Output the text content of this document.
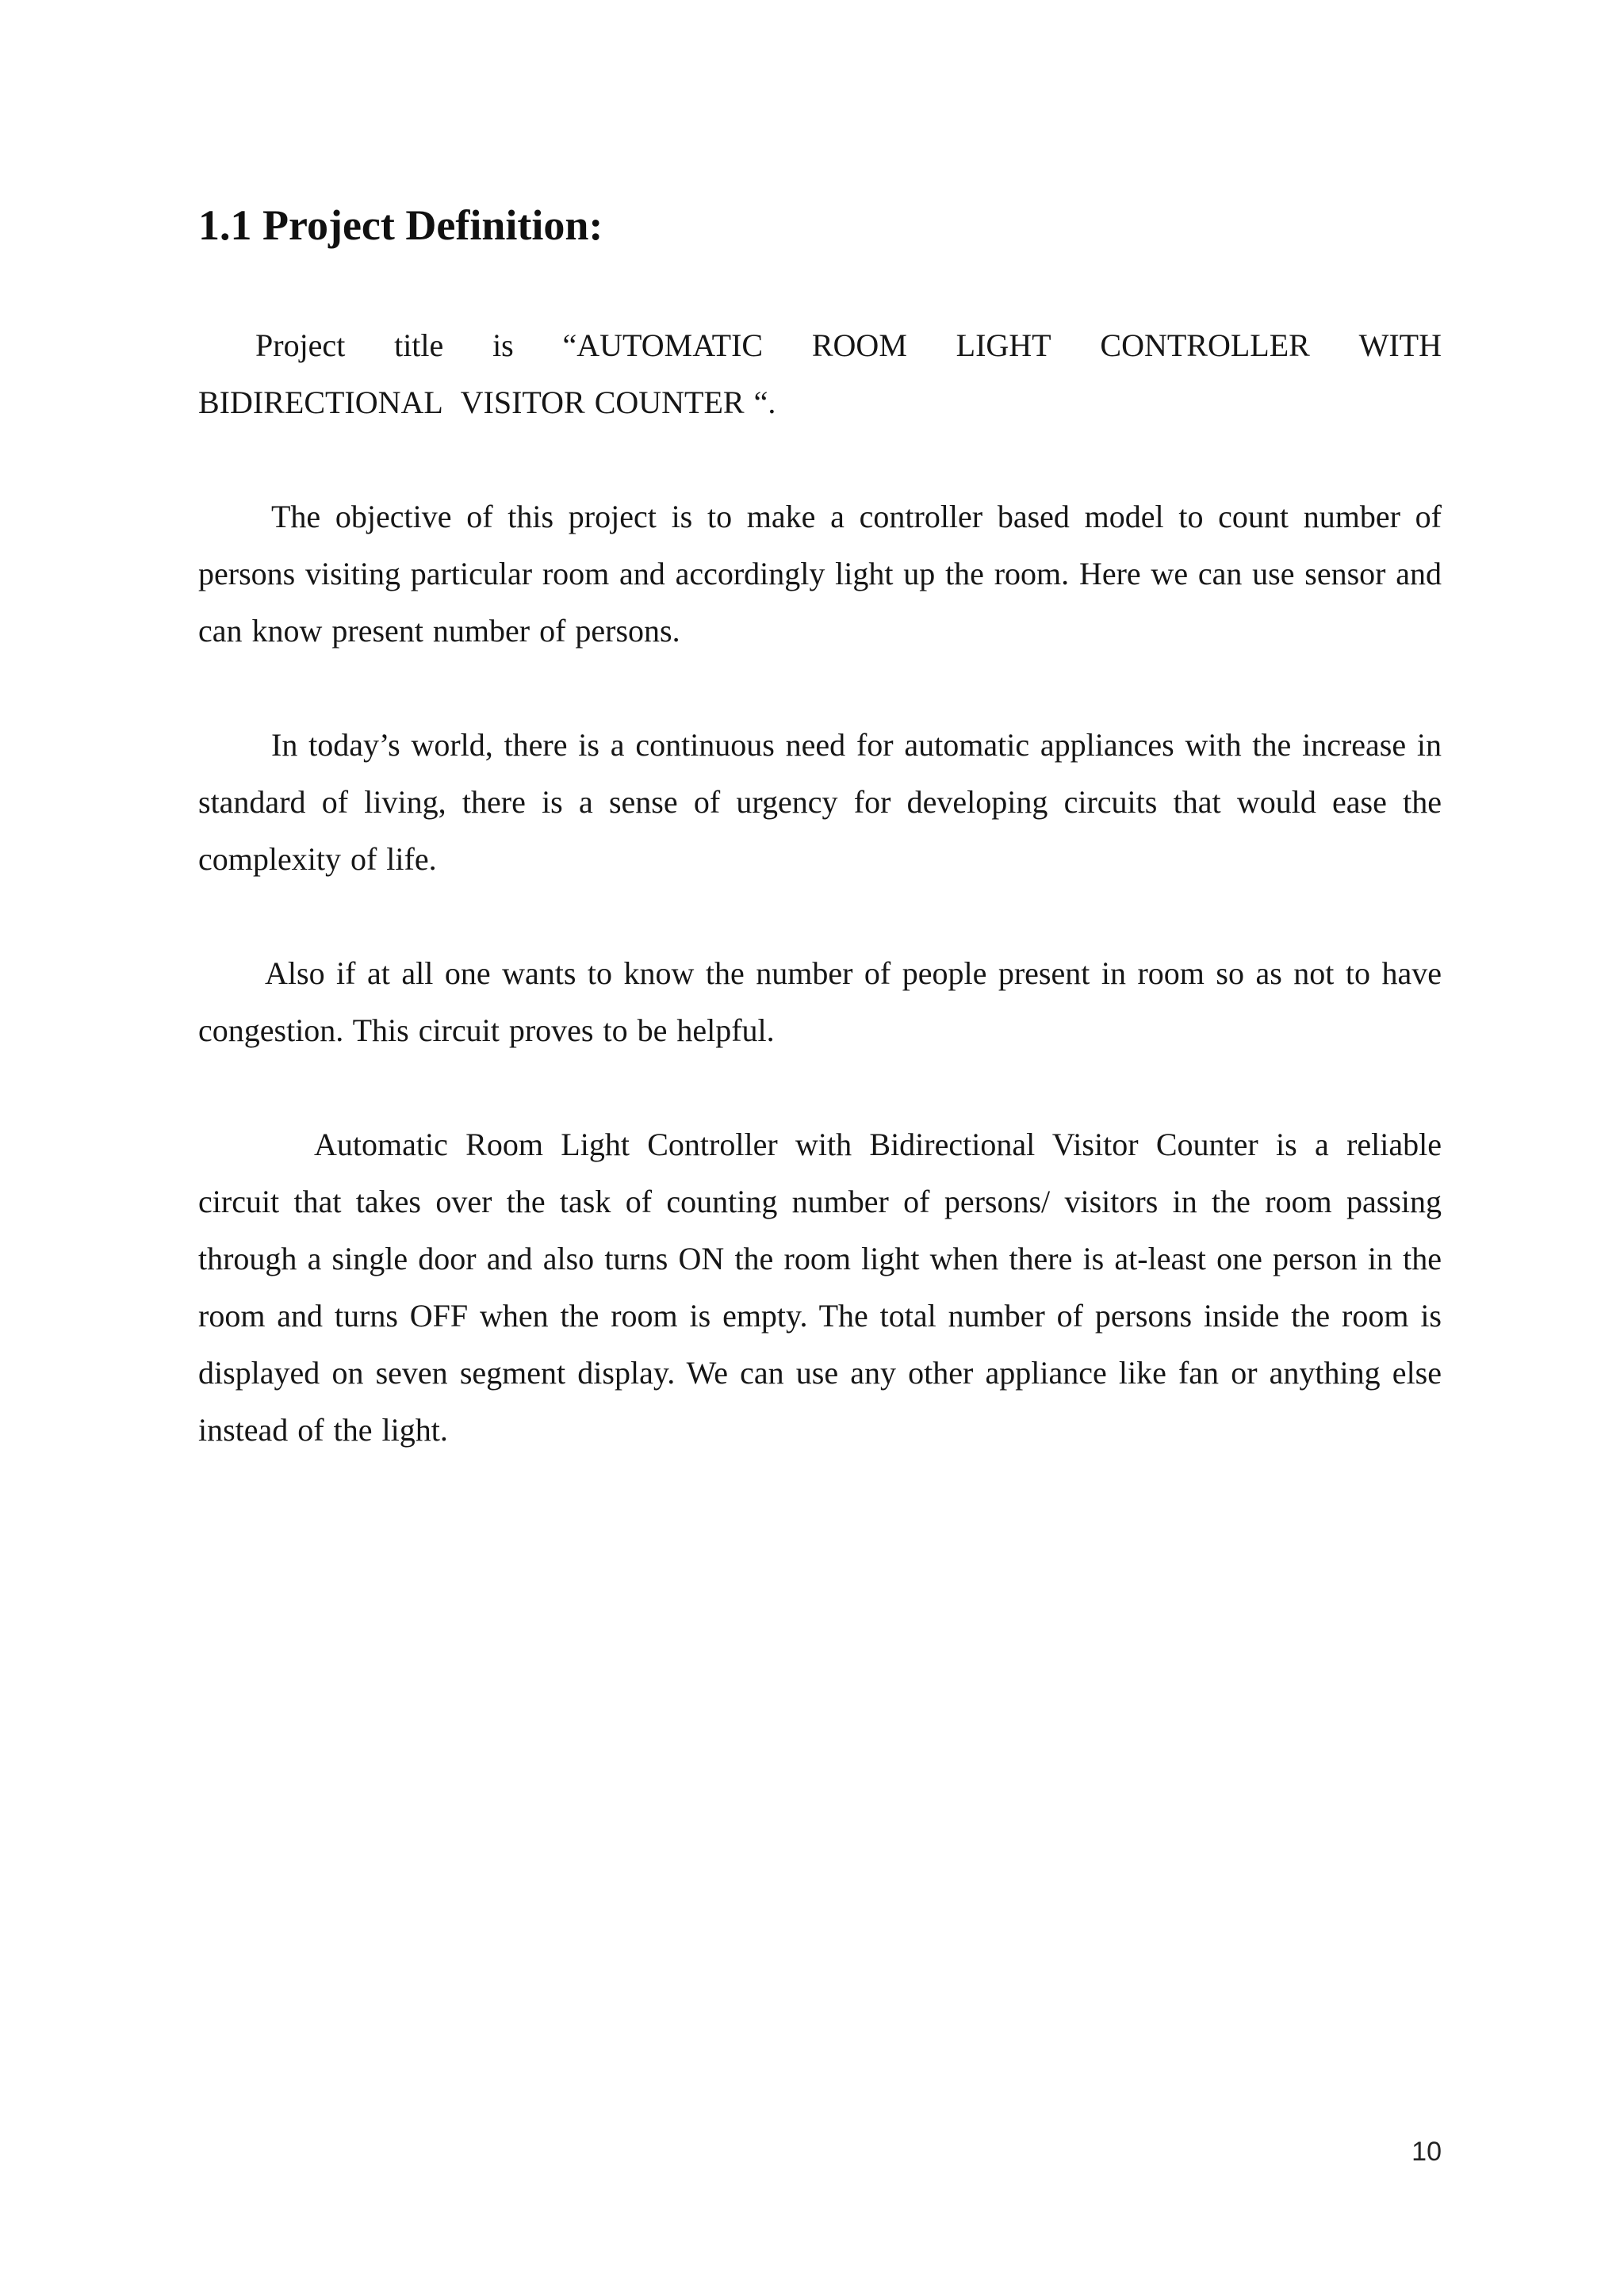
1.1 Project Definition:
Project title is “AUTOMATIC ROOM LIGHT CONTROLLER WITH
BIDIRECTIONAL  VISITOR COUNTER “.

The objective of this project is to make a controller based model to count number of persons visiting particular room and accordingly light up the room. Here we can use sensor and can know present number of persons.

In today’s world, there is a continuous need for automatic appliances with the increase in standard of living, there is a sense of urgency for developing circuits that would ease the complexity of life.

Also if at all one wants to know the number of people present in room so as not to have congestion. This circuit proves to be helpful.

Automatic Room Light Controller with Bidirectional Visitor Counter is a reliable circuit that takes over the task of counting number of persons/ visitors in the room passing through a single door and also turns ON the room light when there is at-least one person in the room and turns OFF when the room is empty. The total number of persons inside the room is displayed on seven segment display. We can use any other appliance like fan or anything else instead of the light.

10
